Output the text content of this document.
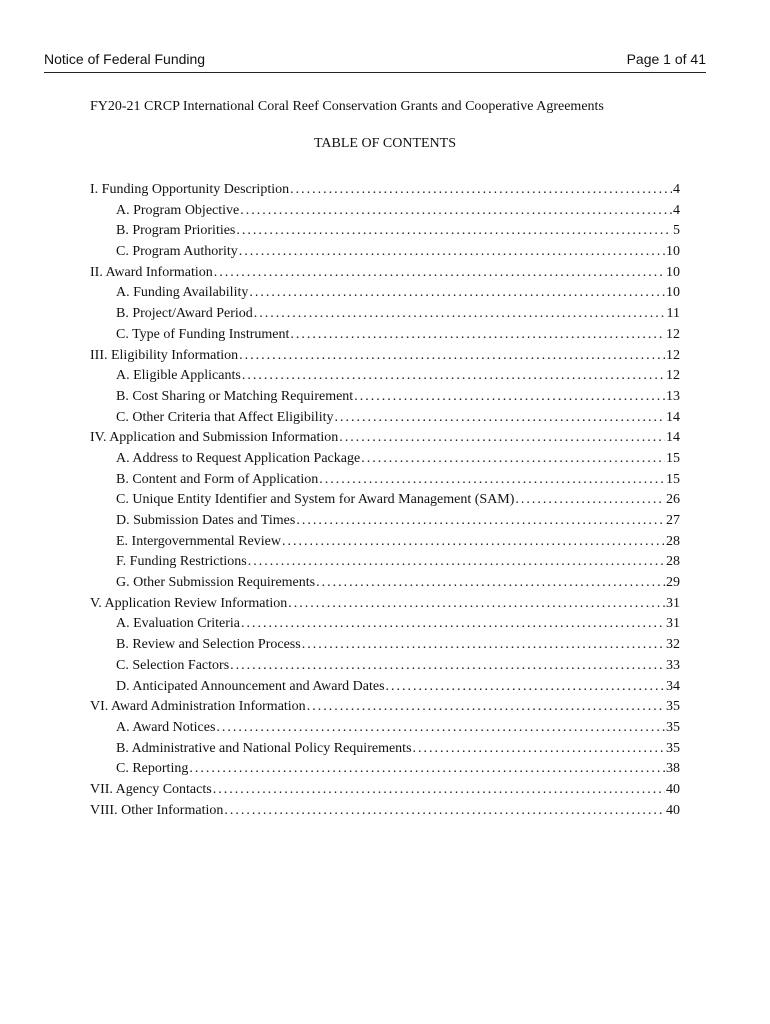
Notice of Federal Funding	Page 1 of 41
FY20-21 CRCP International Coral Reef Conservation Grants and Cooperative Agreements
TABLE OF CONTENTS
I. Funding Opportunity Description .....	4
A. Program Objective .....	4
B. Program Priorities .....	5
C. Program Authority .....	10
II. Award Information .....	10
A. Funding Availability .....	10
B. Project/Award Period .....	11
C. Type of Funding Instrument .....	12
III. Eligibility Information .....	12
A. Eligible Applicants .....	12
B. Cost Sharing or Matching Requirement .....	13
C. Other Criteria that Affect Eligibility .....	14
IV. Application and Submission Information .....	14
A. Address to Request Application Package .....	15
B. Content and Form of Application .....	15
C. Unique Entity Identifier and System for Award Management (SAM) .....	26
D. Submission Dates and Times .....	27
E. Intergovernmental Review .....	28
F. Funding Restrictions .....	28
G. Other Submission Requirements .....	29
V. Application Review Information .....	31
A. Evaluation Criteria .....	31
B. Review and Selection Process .....	32
C. Selection Factors .....	33
D. Anticipated Announcement and Award Dates .....	34
VI. Award Administration Information .....	35
A. Award Notices .....	35
B. Administrative and National Policy Requirements .....	35
C. Reporting .....	38
VII. Agency Contacts .....	40
VIII. Other Information .....	40
